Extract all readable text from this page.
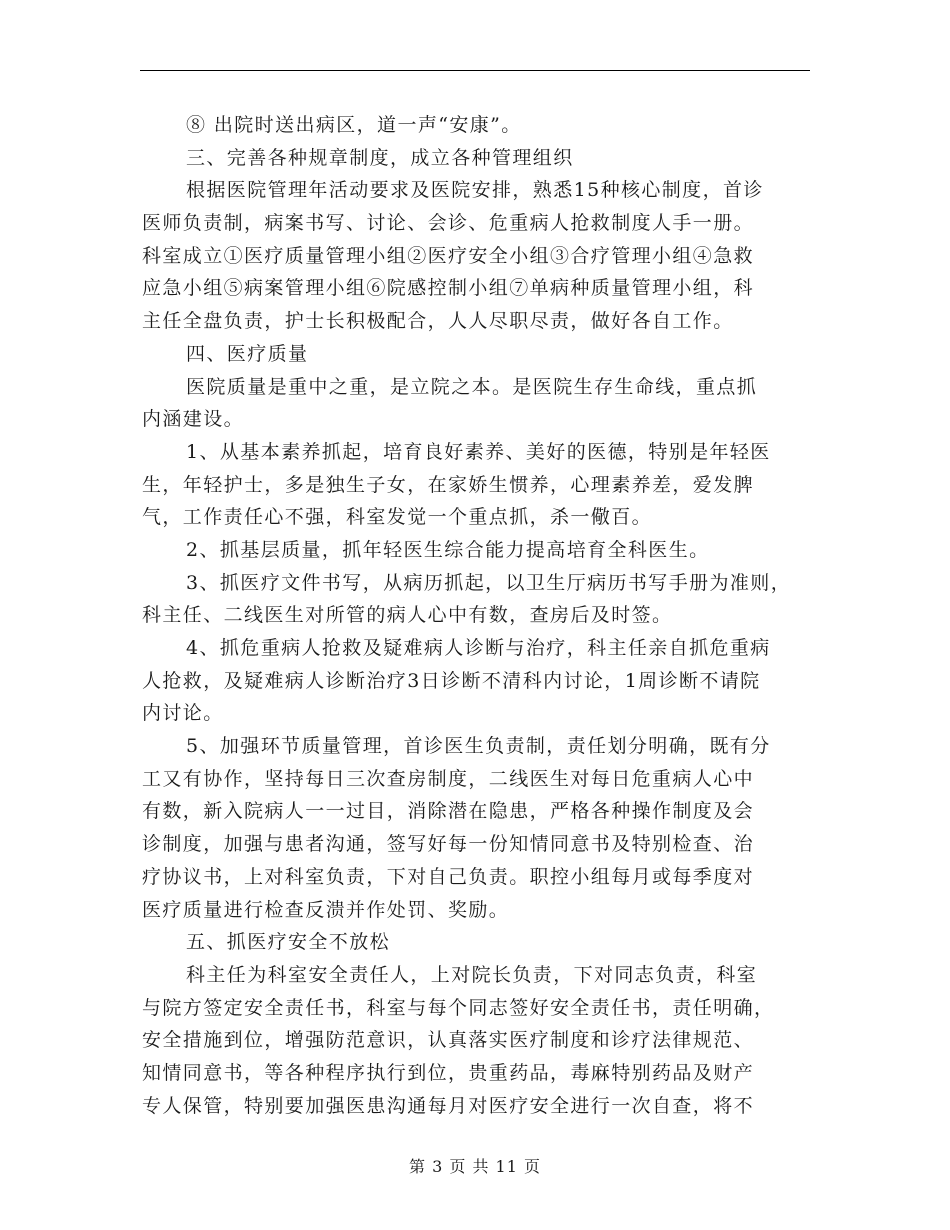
⑧ 出院时送出病区，道一声“安康”。
三、完善各种规章制度，成立各种管理组织
根据医院管理年活动要求及医院安排，熟悉15种核心制度，首诊
医师负责制，病案书写、讨论、会诊、危重病人抢救制度人手一册。
科室成立①医疗质量管理小组②医疗安全小组③合疗管理小组④急救
应急小组⑤病案管理小组⑥院感控制小组⑦单病种质量管理小组，科
主任全盘负责，护士长积极配合，人人尽职尽责，做好各自工作。
四、医疗质量
医院质量是重中之重，是立院之本。是医院生存生命线，重点抓
内涵建设。
1、从基本素养抓起，培育良好素养、美好的医德，特别是年轻医
生，年轻护士，多是独生子女，在家娇生惯养，心理素养差，爱发脾
气，工作责任心不强，科室发觉一个重点抓，杀一儆百。
2、抓基层质量，抓年轻医生综合能力提高培育全科医生。
3、抓医疗文件书写，从病历抓起，以卫生厅病历书写手册为准则，
科主任、二线医生对所管的病人心中有数，查房后及时签。
4、抓危重病人抢救及疑难病人诊断与治疗，科主任亲自抓危重病
人抢救，及疑难病人诊断治疗3日诊断不清科内讨论，1周诊断不请院
内讨论。
5、加强环节质量管理，首诊医生负责制，责任划分明确，既有分
工又有协作，坚持每日三次查房制度，二线医生对每日危重病人心中
有数，新入院病人一一过目，消除潜在隐患，严格各种操作制度及会
诊制度，加强与患者沟通，签写好每一份知情同意书及特别检查、治
疗协议书，上对科室负责，下对自己负责。职控小组每月或每季度对
医疗质量进行检查反溃并作处罚、奖励。
五、抓医疗安全不放松
科主任为科室安全责任人，上对院长负责，下对同志负责，科室
与院方签定安全责任书，科室与每个同志签好安全责任书，责任明确，
安全措施到位，增强防范意识，认真落实医疗制度和诊疗法律规范、
知情同意书，等各种程序执行到位，贵重药品，毒麻特别药品及财产
专人保管，特别要加强医患沟通每月对医疗安全进行一次自查，将不
第 3 页 共 11 页
